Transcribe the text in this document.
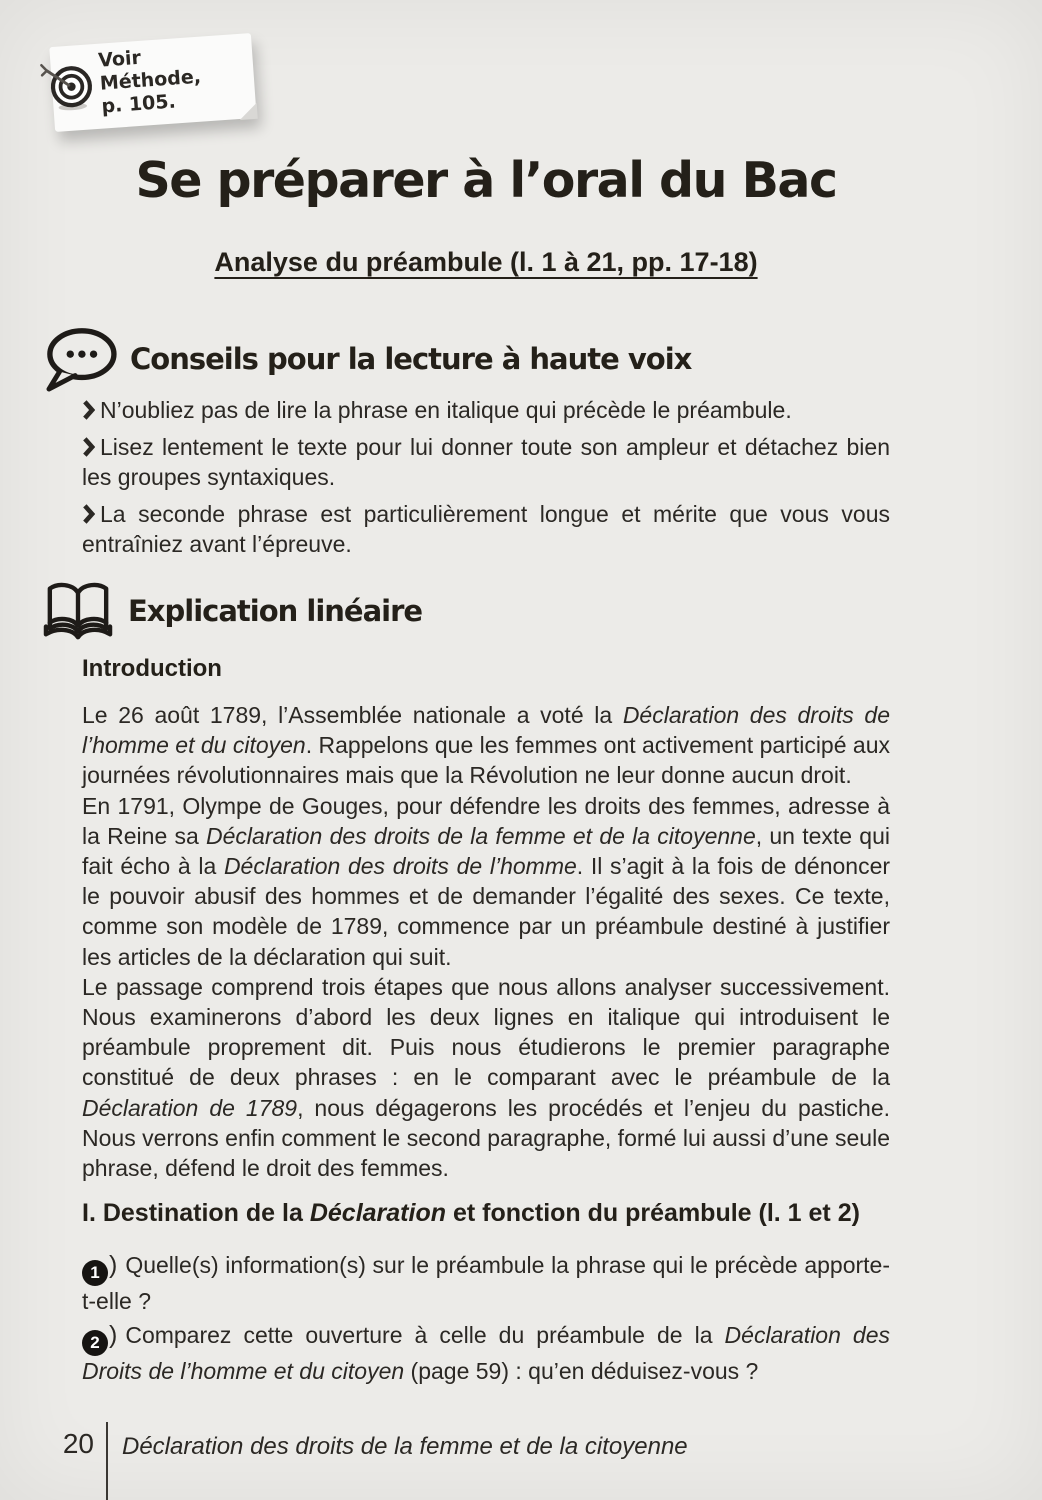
Voir Méthode,
p. 105.
Se préparer à l’oral du Bac
Analyse du préambule (l. 1 à 21, pp. 17-18)
Conseils pour la lecture à haute voix

N’oubliez pas de lire la phrase en italique qui précède le préambule.

Lisez lentement le texte pour lui donner toute son ampleur et détachez bien les groupes syntaxiques.

La seconde phrase est particulièrement longue et mérite que vous vous entraîniez avant l’épreuve.

Explication linéaire
Introduction

Le 26 août 1789, l’Assemblée nationale a voté la Déclaration des droits de l’homme et du citoyen. Rappelons que les femmes ont activement participé aux journées révolutionnaires mais que la Révolution ne leur donne aucun droit.

En 1791, Olympe de Gouges, pour défendre les droits des femmes, adresse à la Reine sa Déclaration des droits de la femme et de la citoyenne, un texte qui fait écho à la Déclaration des droits de l’homme. Il s’agit à la fois de dénoncer le pouvoir abusif des hommes et de demander l’égalité des sexes. Ce texte, comme son modèle de 1789, commence par un préambule destiné à justifier les articles de la déclaration qui suit.

Le passage comprend trois étapes que nous allons analyser successivement. Nous examinerons d’abord les deux lignes en italique qui introduisent le préambule proprement dit. Puis nous étudierons le premier paragraphe constitué de deux phrases : en le comparant avec le préambule de la Déclaration de 1789, nous dégagerons les procédés et l’enjeu du pastiche. Nous verrons enfin comment le second paragraphe, formé lui aussi d’une seule phrase, défend le droit des femmes.

I. Destination de la Déclaration et fonction du préambule (l. 1 et 2)

1 ) Quelle(s) information(s) sur le préambule la phrase qui le précède apporte-t-elle ?

2 ) Comparez cette ouverture à celle du préambule de la Déclaration des Droits de l’homme et du citoyen (page 59) : qu’en déduisez-vous ?

20 Déclaration des droits de la femme et de la citoyenne
